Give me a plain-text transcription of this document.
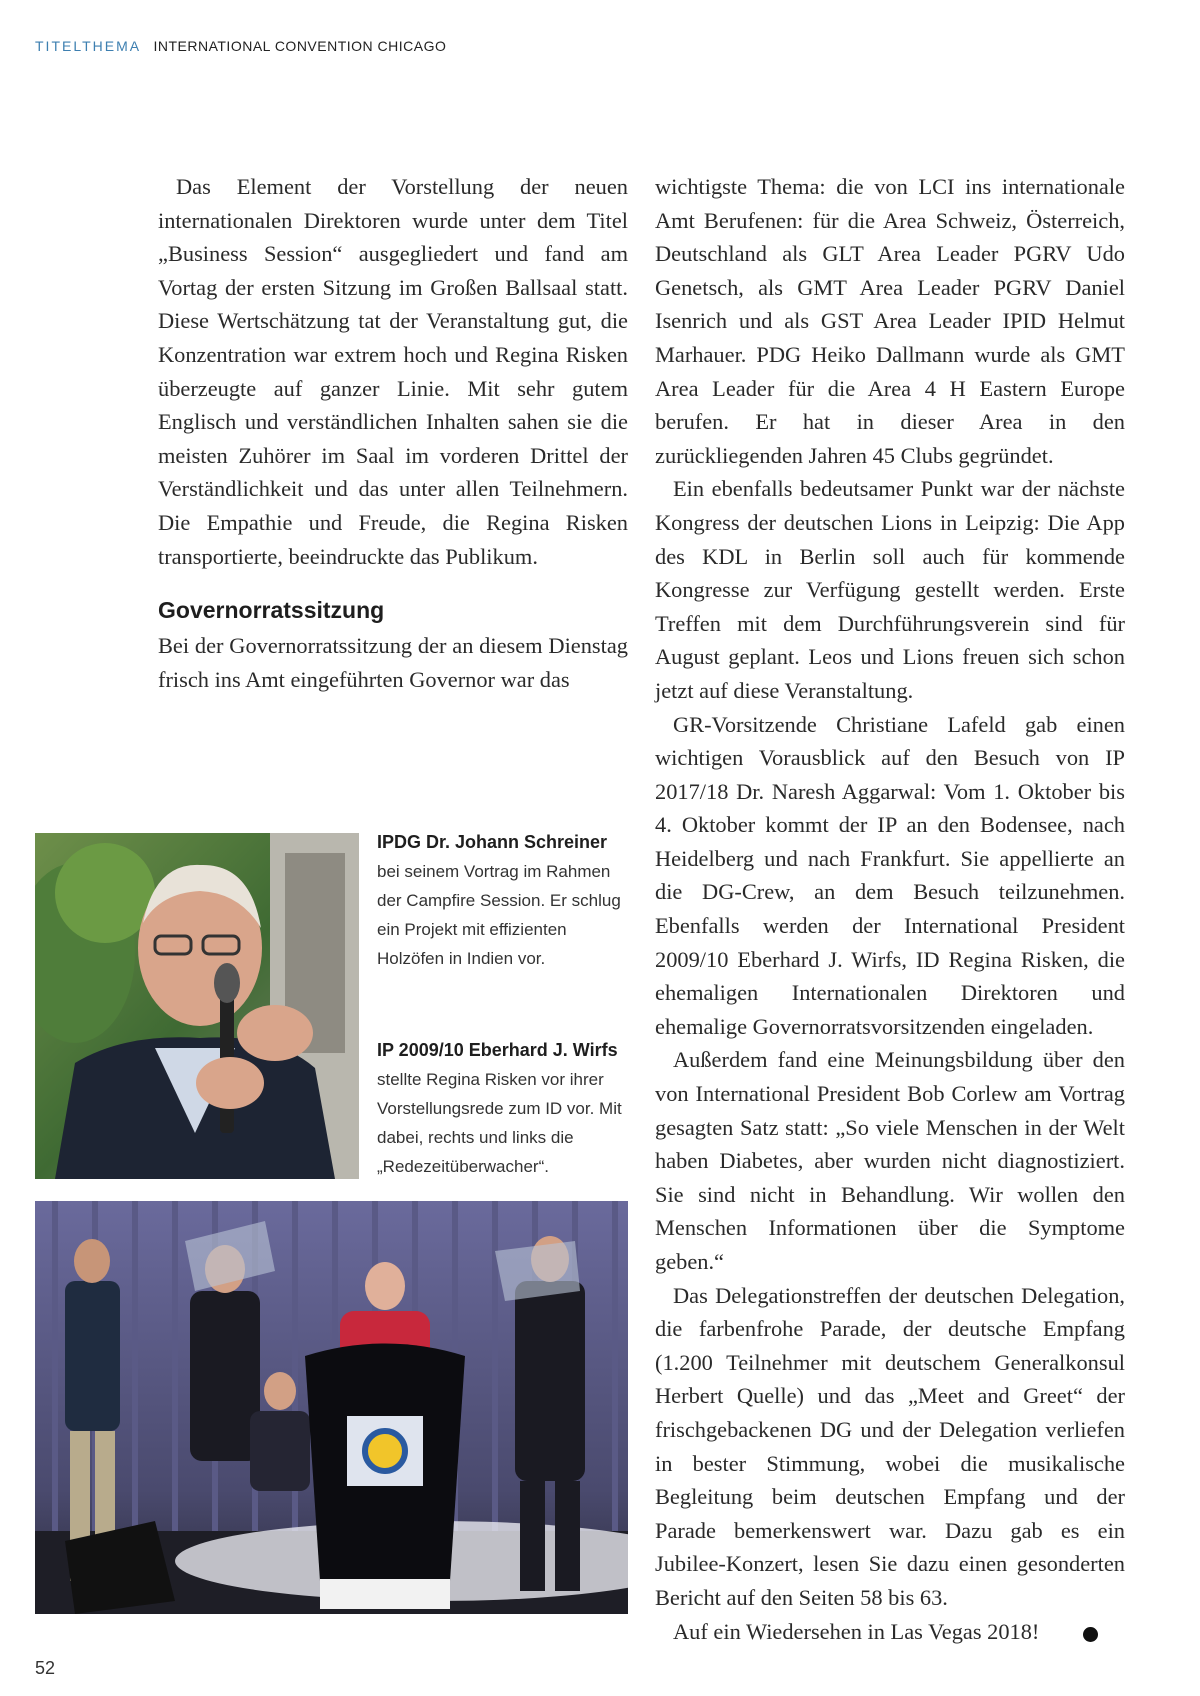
TITELTHEMA INTERNATIONAL CONVENTION CHICAGO

Das Element der Vorstellung der neuen internationalen Direktoren wurde unter dem Titel „Business Session“ ausgegliedert und fand am Vortag der ersten Sitzung im Großen Ballsaal statt. Diese Wertschätzung tat der Veranstaltung gut, die Konzentration war extrem hoch und Regina Risken überzeugte auf ganzer Linie. Mit sehr gutem Englisch und verständlichen Inhalten sahen sie die meisten Zuhörer im Saal im vorderen Drittel der Verständlichkeit und das unter allen Teilnehmern. Die Empathie und Freude, die Regina Risken transportierte, beeindruckte das Publikum.

Governorratssitzung

Bei der Governorratssitzung der an diesem Dienstag frisch ins Amt eingeführten Governor war das

wichtigste Thema: die von LCI ins internationale Amt Berufenen: für die Area Schweiz, Österreich, Deutschland als GLT Area Leader PGRV Udo Genetsch, als GMT Area Leader PGRV Daniel Isenrich und als GST Area Leader IPID Helmut Marhauer. PDG Heiko Dallmann wurde als GMT Area Leader für die Area 4 H Eastern Europe berufen. Er hat in dieser Area in den zurückliegenden Jahren 45 Clubs gegründet.

Ein ebenfalls bedeutsamer Punkt war der nächste Kongress der deutschen Lions in Leipzig: Die App des KDL in Berlin soll auch für kommende Kongresse zur Verfügung gestellt werden. Erste Treffen mit dem Durchführungsverein sind für August geplant. Leos und Lions freuen sich schon jetzt auf diese Veranstaltung.

GR-Vorsitzende Christiane Lafeld gab einen wichtigen Vorausblick auf den Besuch von IP 2017/18 Dr. Naresh Aggarwal: Vom 1. Oktober bis 4. Oktober kommt der IP an den Bodensee, nach Heidelberg und nach Frankfurt. Sie appellierte an die DG-Crew, an dem Besuch teilzunehmen. Ebenfalls werden der International President 2009/10 Eberhard J. Wirfs, ID Regina Risken, die ehemaligen Internationalen Direktoren und ehemalige Governorratsvorsitzenden eingeladen.

Außerdem fand eine Meinungsbildung über den von International President Bob Corlew am Vortrag gesagten Satz statt: „So viele Menschen in der Welt haben Diabetes, aber wurden nicht diagnostiziert. Sie sind nicht in Behandlung. Wir wollen den Menschen Informationen über die Symptome geben.“

Das Delegationstreffen der deutschen Delegation, die farbenfrohe Parade, der deutsche Empfang (1.200 Teilnehmer mit deutschem Generalkonsul Herbert Quelle) und das „Meet and Greet“ der frischgebackenen DG und der Delegation verliefen in bester Stimmung, wobei die musikalische Begleitung beim deutschen Empfang und der Parade bemerkenswert war. Dazu gab es ein Jubilee-Konzert, lesen Sie dazu einen gesonderten Bericht auf den Seiten 58 bis 63.

Auf ein Wiedersehen in Las Vegas 2018!	L

IPDG Dr. Johann Schreiner
bei seinem Vortrag im Rahmen der Campfire Session. Er schlug ein Projekt mit effizienten Holzöfen in Indien vor.
IP 2009/10 Eberhard J. Wirfs
stellte Regina Risken vor ihrer Vorstellungsrede zum ID vor. Mit dabei, rechts und links die „Redezeitüberwacher“.
52
